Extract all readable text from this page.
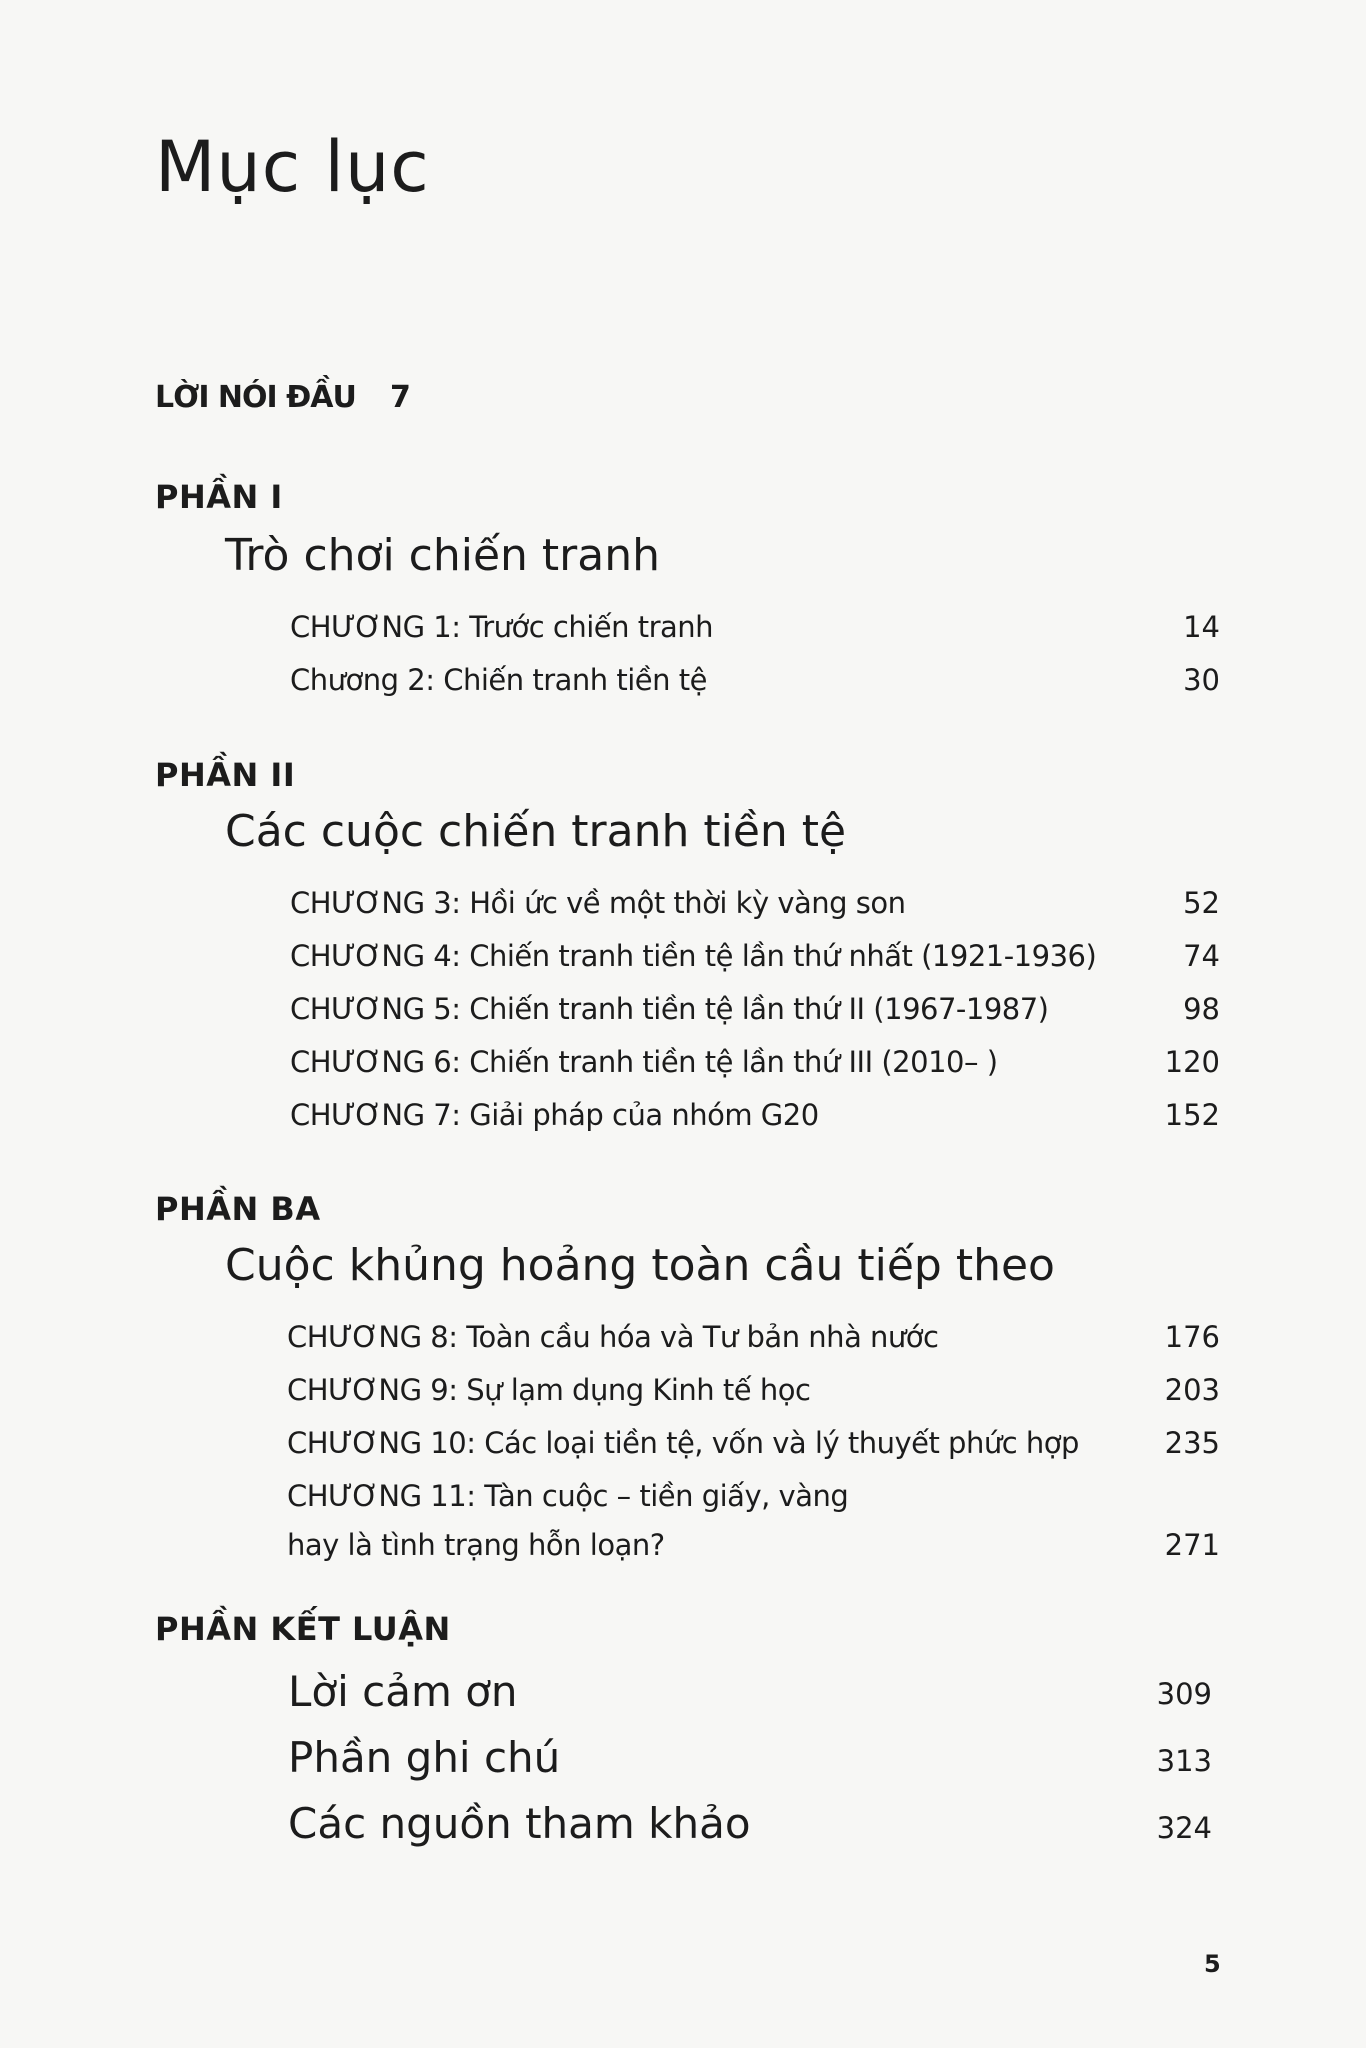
Mục lục
LỜI NÓI ĐẦU 7
PHẦN I
Trò chơi chiến tranh
CHƯƠNG 1: Trước chiến tranh	14
Chương 2: Chiến tranh tiền tệ	30
PHẦN II
Các cuộc chiến tranh tiền tệ
CHƯƠNG 3: Hồi ức về một thời kỳ vàng son	52
CHƯƠNG 4: Chiến tranh tiền tệ lần thứ nhất (1921-1936)	74
CHƯƠNG 5: Chiến tranh tiền tệ lần thứ II (1967-1987)	98
CHƯƠNG 6: Chiến tranh tiền tệ lần thứ III (2010– )	120
CHƯƠNG 7: Giải pháp của nhóm G20	152
PHẦN BA
Cuộc khủng hoảng toàn cầu tiếp theo
CHƯƠNG 8: Toàn cầu hóa và Tư bản nhà nước	176
CHƯƠNG 9: Sự lạm dụng Kinh tế học	203
CHƯƠNG 10: Các loại tiền tệ, vốn và lý thuyết phức hợp	235
CHƯƠNG 11: Tàn cuộc – tiền giấy, vàng
hay là tình trạng hỗn loạn?	271
PHẦN KẾT LUẬN
Lời cảm ơn	309
Phần ghi chú	313
Các nguồn tham khảo	324
5
